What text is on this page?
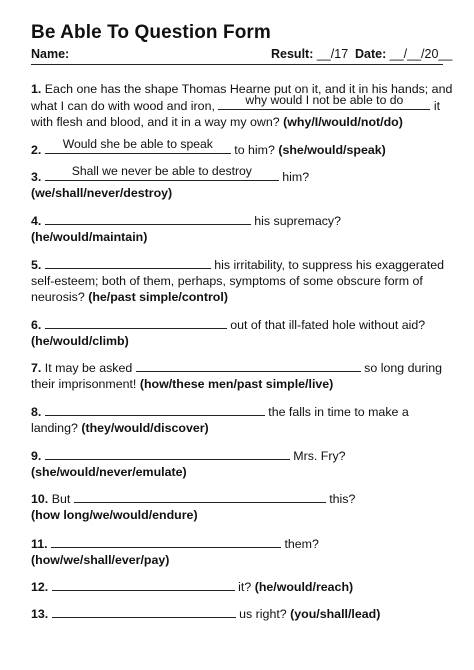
Be Able To Question Form
Name:	Result: __/17 Date: __/__/20__
1. Each one has the shape Thomas Hearne put on it, and it in his hands; and
what I can do with wood and iron,	why would I not be able to do	it
with flesh and blood, and it in a way my own? (why/I/would/not/do)
2.	Would she be able to speak	to him? (she/would/speak)
3.	Shall we never be able to destroy	him?
(we/shall/never/destroy)
4.	his supremacy?
(he/would/maintain)
5.	his irritability, to suppress his exaggerated
self-esteem; both of them, perhaps, symptoms of some obscure form of
neurosis? (he/past simple/control)
6.	out of that ill-fated hole without aid?
(he/would/climb)
7. It may be asked	so long during
their imprisonment! (how/these men/past simple/live)
8.	the falls in time to make a
landing? (they/would/discover)
9.	Mrs. Fry?
(she/would/never/emulate)
10. But	this?
(how long/we/would/endure)
11.	them?
(how/we/shall/ever/pay)
12.	it? (he/would/reach)
13.	us right? (you/shall/lead)
